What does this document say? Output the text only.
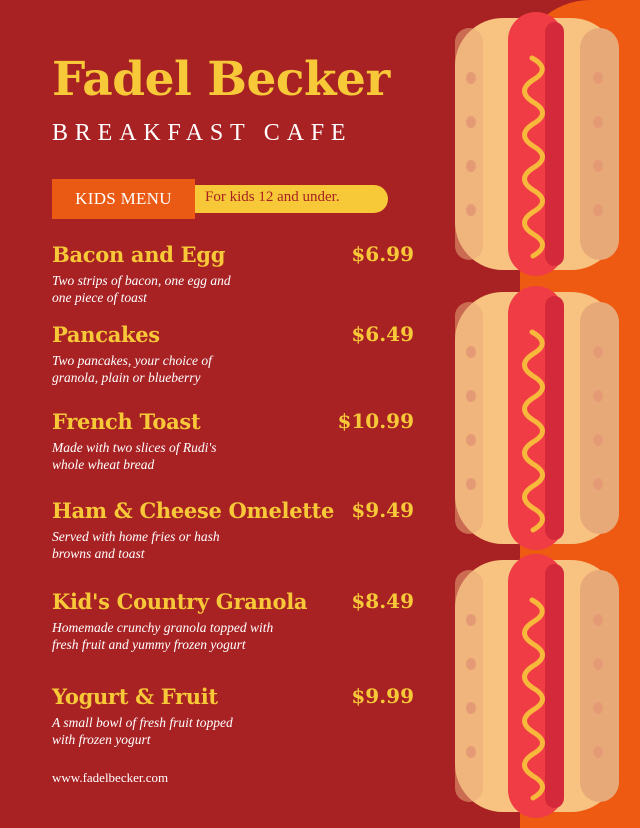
Fadel Becker
BREAKFAST CAFE
For kids 12 and under.
KIDS MENU
Bacon and Egg	$6.99
Two strips of bacon, one egg and
one piece of toast
Pancakes	$6.49
Two pancakes, your choice of
granola, plain or blueberry
French Toast	$10.99
Made with two slices of Rudi's
whole wheat bread
Ham & Cheese Omelette $9.49
Served with home fries or hash
browns and toast
Kid's Country Granola $8.49
Homemade crunchy granola topped with
fresh fruit and yummy frozen yogurt
Yogurt & Fruit	$9.99
A small bowl of fresh fruit topped
with frozen yogurt
www.fadelbecker.com
